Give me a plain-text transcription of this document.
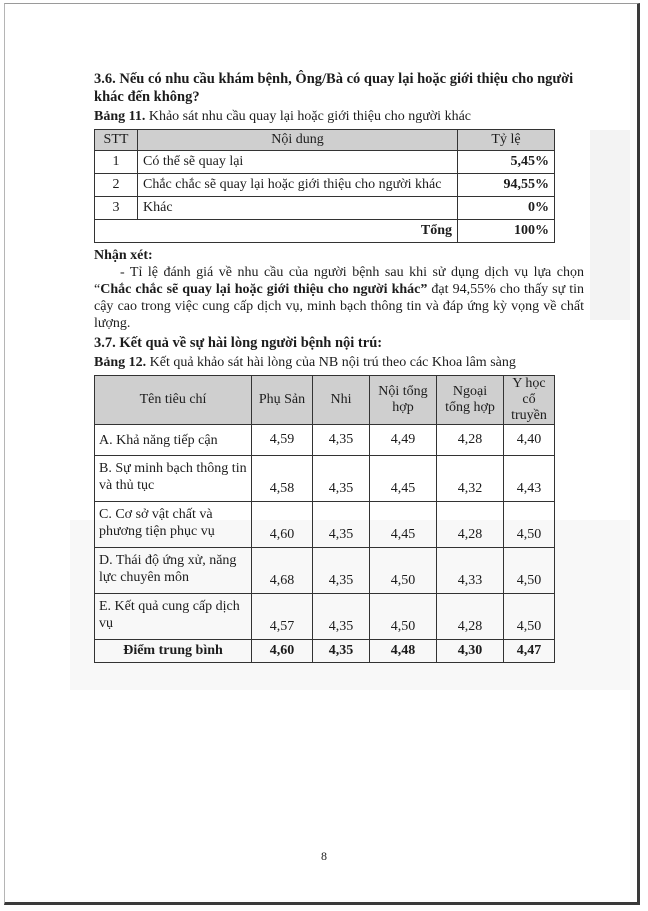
3.6. Nếu có nhu cầu khám bệnh, Ông/Bà có quay lại hoặc giới thiệu cho người khác đến không?
Bảng 11. Khảo sát nhu cầu quay lại hoặc giới thiệu cho người khác
STT	Nội dung	Tỷ lệ
1	Có thể sẽ quay lại	5,45%
2	Chắc chắc sẽ quay lại hoặc giới thiệu cho người khác	94,55%
3	Khác	0%
Tổng		100%
Nhận xét:

- Tỉ lệ đánh giá về nhu cầu của người bệnh sau khi sử dụng dịch vụ lựa chọn “Chắc chắc sẽ quay lại hoặc giới thiệu cho người khác” đạt 94,55% cho thấy sự tin cậy cao trong việc cung cấp dịch vụ, minh bạch thông tin và đáp ứng kỳ vọng về chất lượng.

3.7. Kết quả về sự hài lòng người bệnh nội trú:
Bảng 12. Kết quả khảo sát hài lòng của NB nội trú theo các Khoa lâm sàng
Tên tiêu chí	Phụ Sản	Nhi	Nội tổng hợp	Ngoại tổng hợp	Y học cổ truyền
A. Khả năng tiếp cận	4,59	4,35	4,49	4,28	4,40
B. Sự minh bạch thông tin và thủ tục	4,58	4,35	4,45	4,32	4,43
C. Cơ sở vật chất và phương tiện phục vụ	4,60	4,35	4,45	4,28	4,50
D. Thái độ ứng xử, năng lực chuyên môn	4,68	4,35	4,50	4,33	4,50
E. Kết quả cung cấp dịch vụ	4,57	4,35	4,50	4,28	4,50
Điểm trung bình	4,60	4,35	4,48	4,30	4,47
8
